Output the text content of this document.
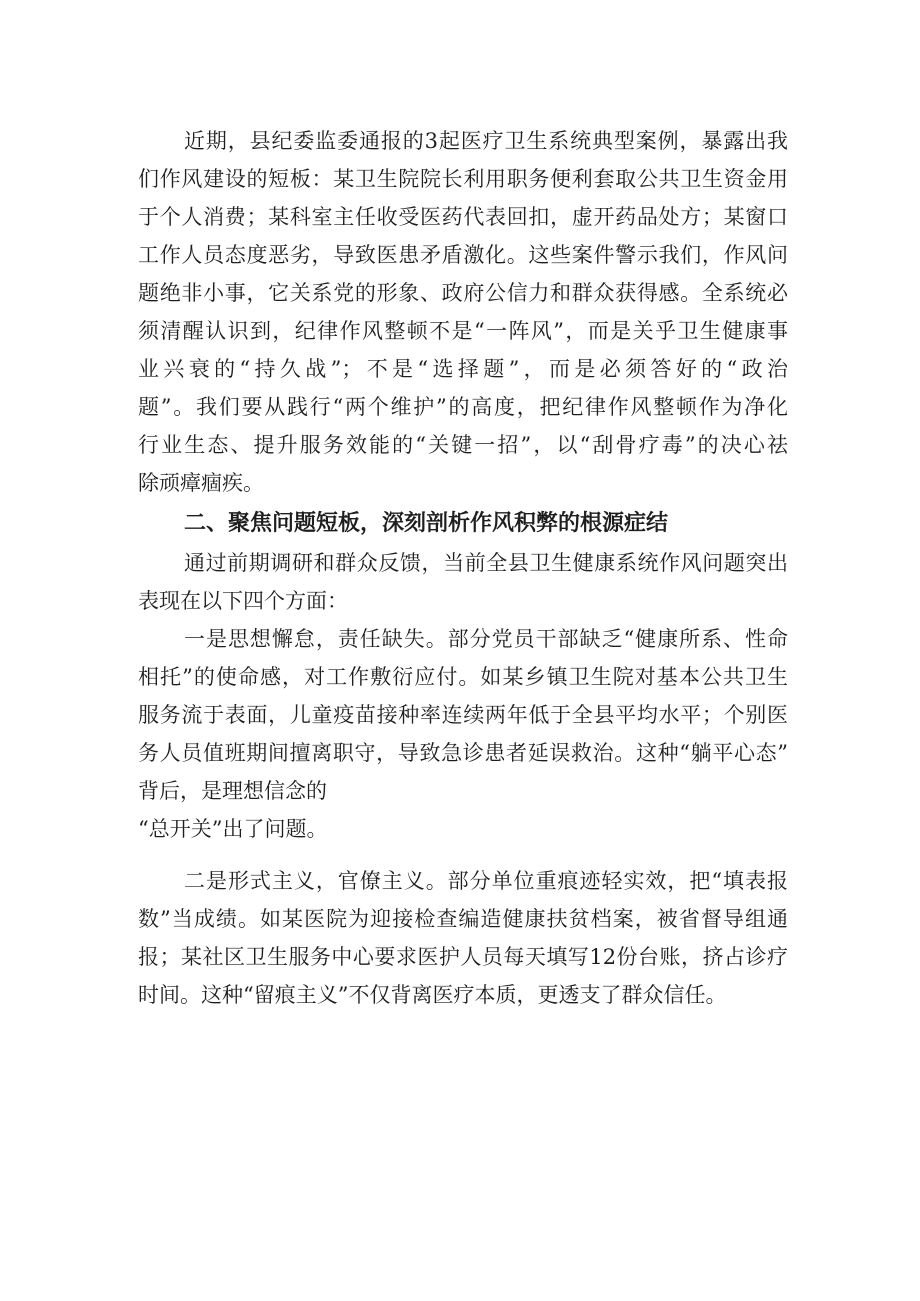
近期，县纪委监委通报的3起医疗卫生系统典型案例，暴露出我
们作风建设的短板：某卫生院院长利用职务便利套取公共卫生资金用
于个人消费；某科室主任收受医药代表回扣，虚开药品处方；某窗口
工作人员态度恶劣，导致医患矛盾激化。这些案件警示我们，作风问
题绝非小事，它关系党的形象、政府公信力和群众获得感。全系统必
须清醒认识到，纪律作风整顿不是“一阵风”，而是关乎卫生健康事
业兴衰的“持久战”；不是“选择题”，而是必须答好的“政治
题”。我们要从践行“两个维护”的高度，把纪律作风整顿作为净化
行业生态、提升服务效能的“关键一招”，以“刮骨疗毒”的决心祛
除顽瘴痼疾。
二、聚焦问题短板，深刻剖析作风积弊的根源症结
通过前期调研和群众反馈，当前全县卫生健康系统作风问题突出
表现在以下四个方面：
一是思想懈怠，责任缺失。部分党员干部缺乏“健康所系、性命
相托”的使命感，对工作敷衍应付。如某乡镇卫生院对基本公共卫生
服务流于表面，儿童疫苗接种率连续两年低于全县平均水平；个别医
务人员值班期间擅离职守，导致急诊患者延误救治。这种“躺平心态”
背后，是理想信念的
“总开关”出了问题。
二是形式主义，官僚主义。部分单位重痕迹轻实效，把“填表报
数”当成绩。如某医院为迎接检查编造健康扶贫档案，被省督导组通
报；某社区卫生服务中心要求医护人员每天填写12份台账，挤占诊疗
时间。这种“留痕主义”不仅背离医疗本质，更透支了群众信任。
